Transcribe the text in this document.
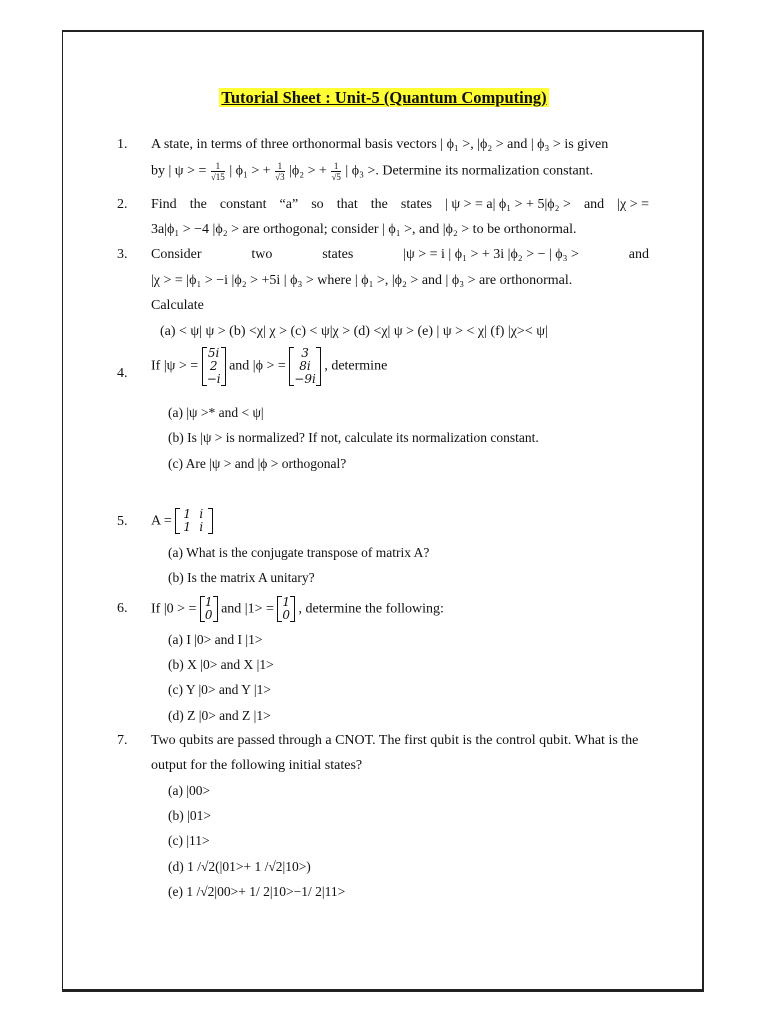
Tutorial Sheet : Unit-5 (Quantum Computing)
1. A state, in terms of three orthonormal basis vectors | ϕ₁ >, |ϕ₂ > and | ϕ₃ > is given
by | ψ > = $\frac{1}{√15}$ | ϕ₁ > + $\frac{1}{√3} |\phi_2$ > + $\frac{1}{√5}$ | ϕ₃ >. Determine its normalization constant.
2. Find the constant “a” so that the states | ψ > = a| ϕ₁ > + 5|ϕ₂ > and |χ > =
3a|ϕ₁ > −4 |ϕ₂ > are orthogonal; consider | ϕ₁ >, and |ϕ₂ > to be orthonormal.
3. Consider	two	states	|ψ > = i | ϕ₁ > + 3i |ϕ₂ > − | ϕ₃ >	and
|χ > = |ϕ₁ > −i |ϕ₂ > +5i | ϕ₃ > where | ϕ₁ >, |ϕ₂ > and | ϕ₃ > are orthonormal.
Calculate
(a) < ψ| ψ > (b) <χ| χ > (c) < ψ|χ > (d) <χ| ψ > (e) | ψ > < χ| (f) |χ>< ψ|
4. If |ψ > =
5i
2
−i
and |ϕ > =
3
8i
−9i
, determine
(a) |ψ >* and < ψ|
(b) Is |ψ > is normalized? If not, calculate its normalization constant.
(c) Are |ψ > and |ϕ > orthogonal?
5. A = 1 i
1 i
(a) What is the conjugate transpose of matrix A?
(b) Is the matrix A unitary?
6. If |0 > = 1
0 and |1> = 1
0 , determine the following:
(a) I |0> and I |1>
(b) X |0> and X |1>
(c) Y |0> and Y |1>
(d) Z |0> and Z |1>
7. Two qubits are passed through a CNOT. The first qubit is the control qubit. What is the
output for the following initial states?
(a) |00>
(b) |01>
(c) |11>
(d) 1 /√2(|01>+ 1 /√2|10>)
(e) 1 /√2|00>+ 1/ 2|10>−1/ 2|11>
